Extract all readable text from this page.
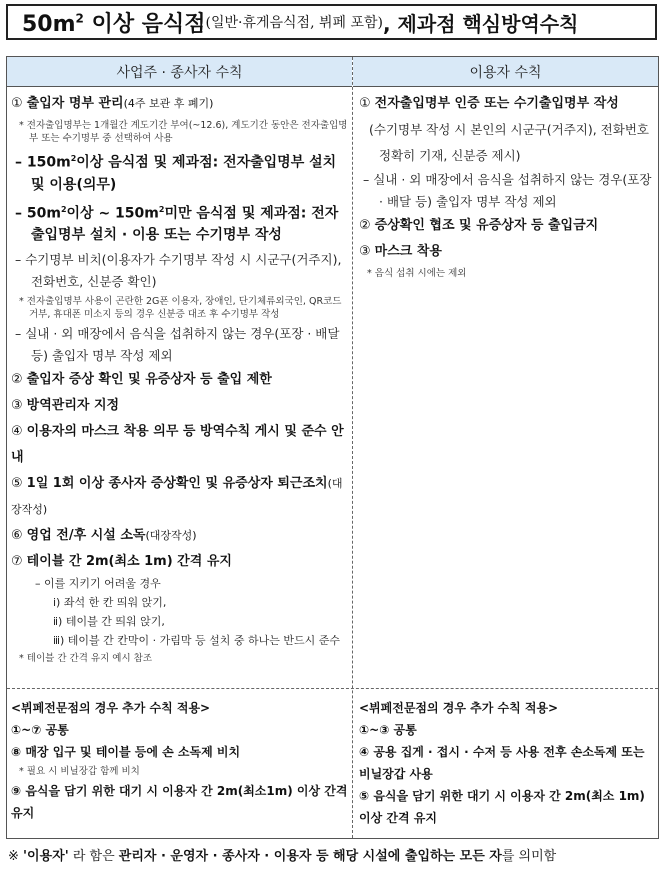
$50m^2$ 이상 음식점 (일반·휴게음식점, 뷔페 포함) , 제과점 핵심방역수칙
사업주 · 종사자 수칙	이용자 수칙

① 출입자 명부 관리(4주 보관 후 폐기)

* 전자출입명부는 1개월간 계도기간 부여(~12.6), 계도기간 동안은 전자출입명부 또는 수기명부 중 선택하여 사용

– $150m^2$이상 음식점 및 제과점: 전자출입명부 설치 및 이용(의무)

– $50m^2$이상 ~ $150m^2$미만 음식점 및 제과점: 전자출입명부 설치 · 이용 또는 수기명부 작성

– 수기명부 비치(이용자가 수기명부 작성 시 시군구(거주지), 전화번호, 신분증 확인)

* 전자출입명부 사용이 곤란한 2G폰 이용자, 장애인, 단기체류외국인, QR코드 거부, 휴대폰 미소지 등의 경우 신분증 대조 후 수기명부 작성

– 실내 · 외 매장에서 음식을 섭취하지 않는 경우(포장 · 배달 등) 출입자 명부 작성 제외

② 출입자 증상 확인 및 유증상자 등 출입 제한

③ 방역관리자 지정

④ 이용자의 마스크 착용 의무 등 방역수칙 게시 및 준수 안내

⑤ 1일 1회 이상 종사자 증상확인 및 유증상자 퇴근조치(대장작성)

⑥ 영업 전/후 시설 소독(대장작성)

⑦ 테이블 간 2m(최소 1m) 간격 유지

– 이를 지키기 어려울 경우

ⅰ) 좌석 한 칸 띄워 앉기,

ⅱ) 테이블 간 띄워 앉기,

ⅲ) 테이블 간 칸막이 · 가림막 등 설치 중 하나는 반드시 준수

* 테이블 간 간격 유지 예시 참조

① 전자출입명부 인증 또는 수기출입명부 작성

(수기명부 작성 시 본인의 시군구(거주지), 전화번호 정확히 기재, 신분증 제시)

– 실내 · 외 매장에서 음식을 섭취하지 않는 경우(포장 · 배달 등) 출입자 명부 작성 제외

② 증상확인 협조 및 유증상자 등 출입금지

③ 마스크 착용

* 음식 섭취 시에는 제외

<뷔페전문점의 경우 추가 수칙 적용>

①~⑦ 공통

⑧ 매장 입구 및 테이블 등에 손 소독제 비치

* 필요 시 비닐장갑 함께 비치

⑨ 음식을 담기 위한 대기 시 이용자 간 2m(최소1m) 이상 간격 유지

<뷔페전문점의 경우 추가 수칙 적용>

①~③ 공통

④ 공용 집게 · 접시 · 수저 등 사용 전후 손소독제 또는 비닐장갑 사용

⑤ 음식을 담기 위한 대기 시 이용자 간 2m(최소 1m) 이상 간격 유지

※ '이용자' 라 함은 관리자 · 운영자 · 종사자 · 이용자 등 해당 시설에 출입하는 모든 자를 의미함
